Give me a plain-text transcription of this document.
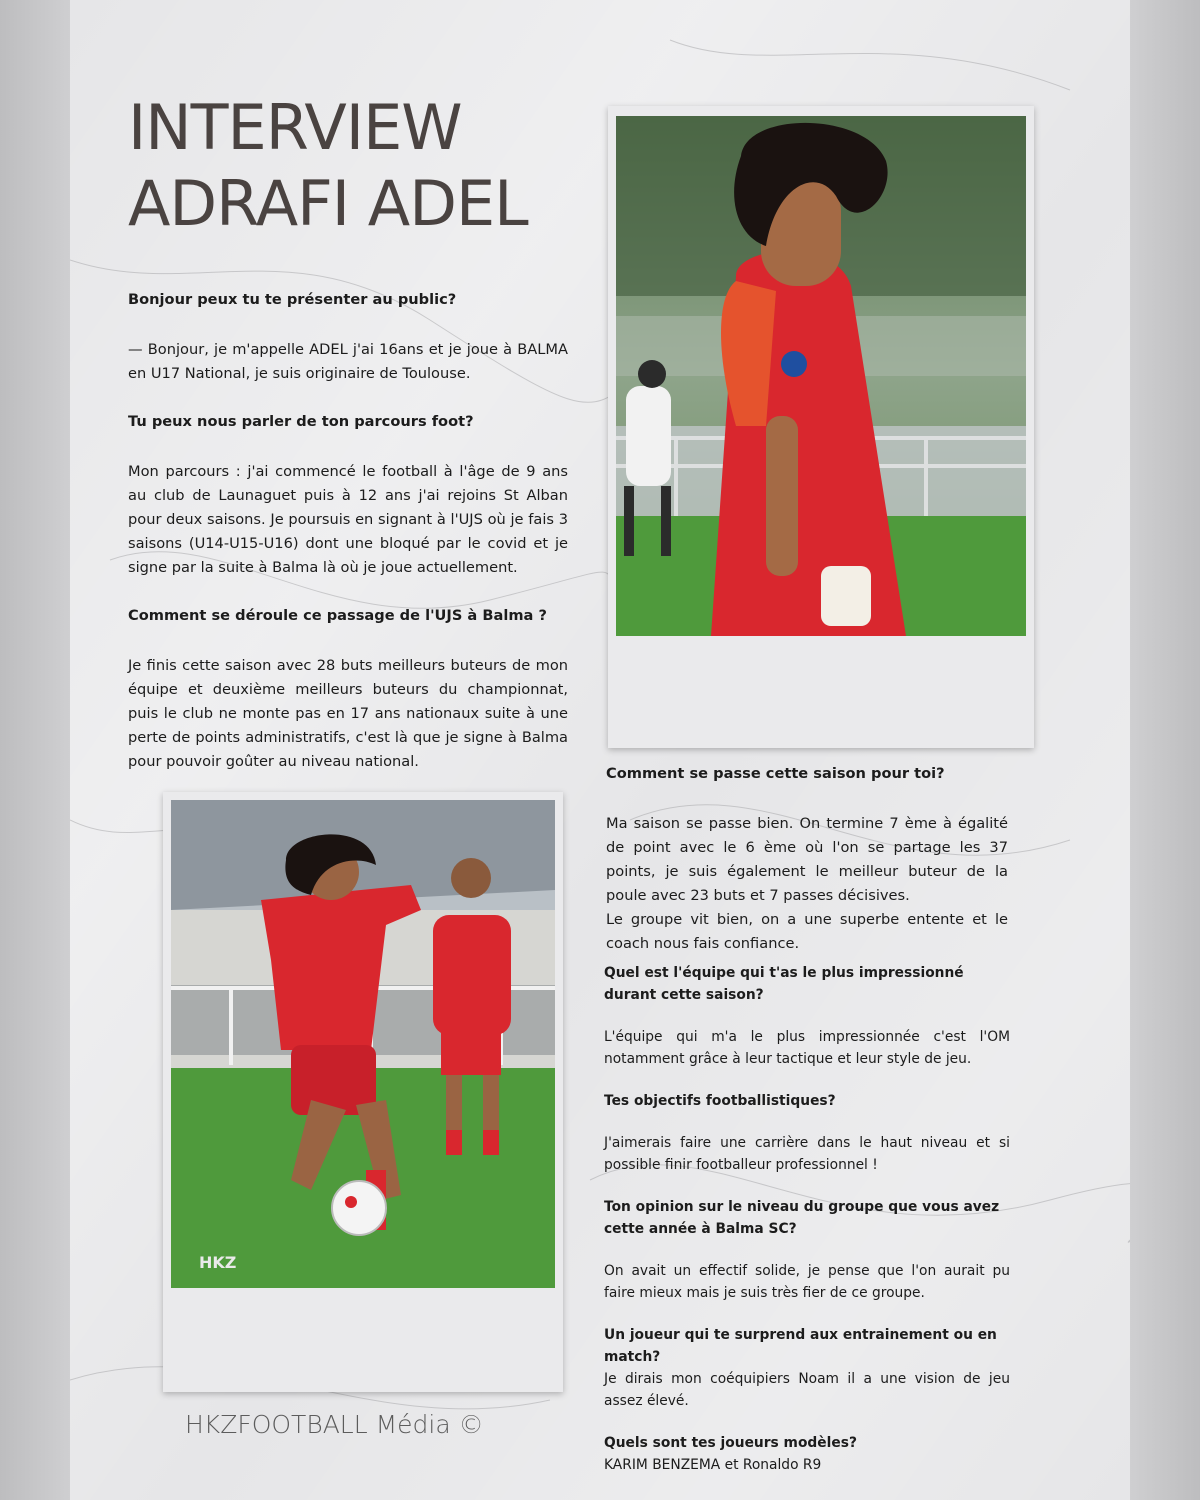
INTERVIEW
ADRAFI ADEL

Bonjour peux tu te présenter au public?

— Bonjour, je m'appelle ADEL j'ai 16ans et je joue à BALMA en U17 National, je suis originaire de Toulouse.

Tu peux nous parler de ton parcours foot?

Mon parcours : j'ai commencé le football à l'âge de 9 ans au club de Launaguet puis à 12 ans j'ai rejoins St Alban pour deux saisons. Je poursuis en signant à l'UJS où je fais 3 saisons (U14-U15-U16) dont une bloqué par le covid et je signe par la suite à Balma là où je joue actuellement.

Comment se déroule ce passage de l'UJS à Balma ?

Je finis cette saison avec 28 buts meilleurs buteurs de mon équipe et deuxième meilleurs buteurs du championnat, puis le club ne monte pas en 17 ans nationaux suite à une perte de points administratifs, c'est là que je signe à Balma pour pouvoir goûter au niveau national.

HKZ

Comment se passe cette saison pour toi?

Ma saison se passe bien. On termine 7 ème à égalité de point avec le 6 ème où l'on se partage les 37 points, je suis également le meilleur buteur de la poule avec 23 buts et 7 passes décisives.

Le groupe vit bien, on a une superbe entente et le coach nous fais confiance.

Quel est l'équipe qui t'as le plus impressionné durant cette saison?

L'équipe qui m'a le plus impressionnée c'est l'OM notamment grâce à leur tactique et leur style de jeu.

Tes objectifs footballistiques?

J'aimerais faire une carrière dans le haut niveau et si possible finir footballeur professionnel !

Ton opinion sur le niveau du groupe que vous avez cette année à Balma SC?

On avait un effectif solide, je pense que l'on aurait pu faire mieux mais je suis très fier de ce groupe.

Un joueur qui te surprend aux entrainement ou en match?

Je dirais mon coéquipiers Noam il a une vision de jeu assez élevé.

Quels sont tes joueurs modèles?

KARIM BENZEMA et Ronaldo R9

HKZFOOTBALL Média ©
